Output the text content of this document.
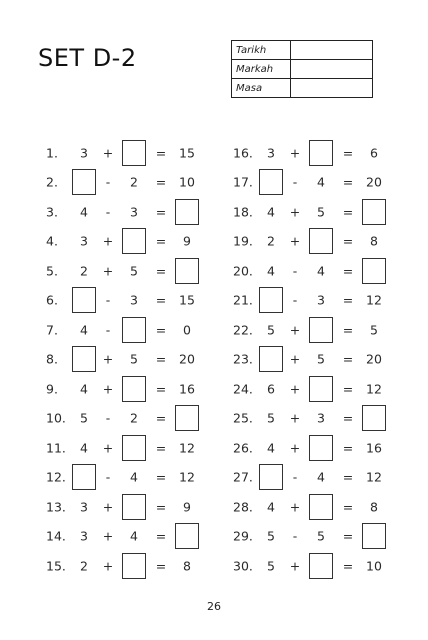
SET D-2	Tarikh	
Markah	
Masa	
1. 3 +	= 15
2.	- 2 = 10
3. 4 - 3 =
4. 3 +	= 9
5. 2 + 5 =
6.	- 3 = 15
7. 4 -	= 0
8.	+ 5 = 20
9. 4 +	= 16
10. 5 - 2 =
11. 4 +	= 12
12.	- 4 = 12
13. 3 +	= 9
14. 3 + 4 =
15. 2 +	= 8
16. 3 +	= 6
17.	- 4 = 20
18. 4 + 5 =
19. 2 +	= 8
20. 4 - 4 =
21.	- 3 = 12
22. 5 +	= 5
23.	+ 5 = 20
24. 6 +	= 12
25. 5 + 3 =
26. 4 +	= 16
27.	- 4 = 12
28. 4 +	= 8
29. 5 - 5 =
30. 5 +	= 10
26
